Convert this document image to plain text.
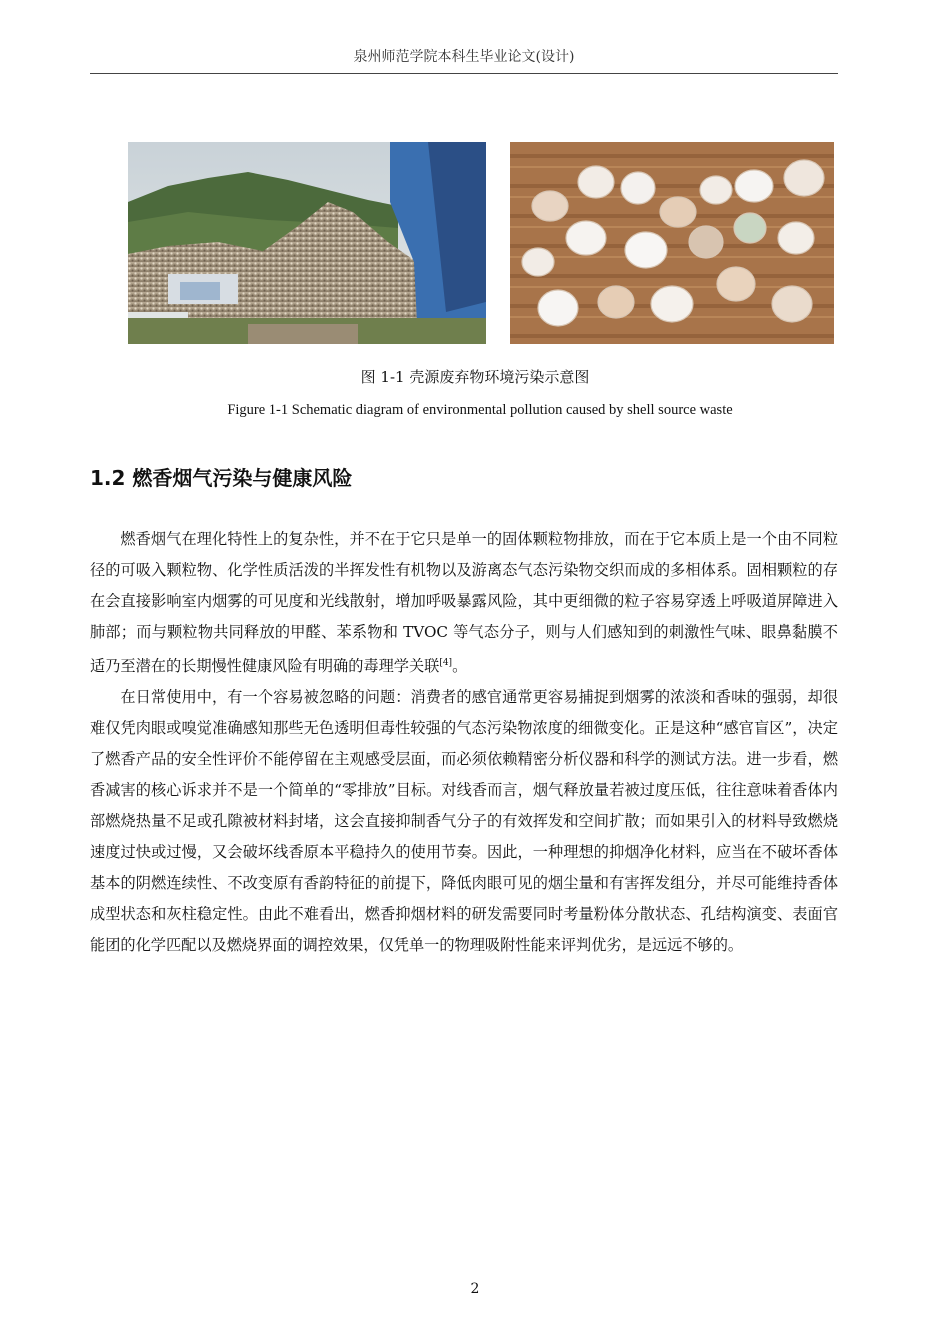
泉州师范学院本科生毕业论文(设计)
图 1-1 壳源废弃物环境污染示意图
Figure 1-1 Schematic diagram of environmental pollution caused by shell source waste
1.2 燃香烟气污染与健康风险

燃香烟气在理化特性上的复杂性，并不在于它只是单一的固体颗粒物排放，而在于它本质上是一个由不同粒径的可吸入颗粒物、化学性质活泼的半挥发性有机物以及游离态气态污染物交织而成的多相体系。固相颗粒的存在会直接影响室内烟雾的可见度和光线散射，增加呼吸暴露风险，其中更细微的粒子容易穿透上呼吸道屏障进入肺部；而与颗粒物共同释放的甲醛、苯系物和 TVOC 等气态分子，则与人们感知到的刺激性气味、眼鼻黏膜不适乃至潜在的长期慢性健康风险有明确的毒理学关联[4]。

在日常使用中，有一个容易被忽略的问题：消费者的感官通常更容易捕捉到烟雾的浓淡和香味的强弱，却很难仅凭肉眼或嗅觉准确感知那些无色透明但毒性较强的气态污染物浓度的细微变化。正是这种“感官盲区”，决定了燃香产品的安全性评价不能停留在主观感受层面，而必须依赖精密分析仪器和科学的测试方法。进一步看，燃香减害的核心诉求并不是一个简单的“零排放”目标。对线香而言，烟气释放量若被过度压低，往往意味着香体内部燃烧热量不足或孔隙被材料封堵，这会直接抑制香气分子的有效挥发和空间扩散；而如果引入的材料导致燃烧速度过快或过慢，又会破坏线香原本平稳持久的使用节奏。因此，一种理想的抑烟净化材料，应当在不破坏香体基本的阴燃连续性、不改变原有香韵特征的前提下，降低肉眼可见的烟尘量和有害挥发组分，并尽可能维持香体成型状态和灰柱稳定性。由此不难看出，燃香抑烟材料的研发需要同时考量粉体分散状态、孔结构演变、表面官能团的化学匹配以及燃烧界面的调控效果，仅凭单一的物理吸附性能来评判优劣，是远远不够的。

2
